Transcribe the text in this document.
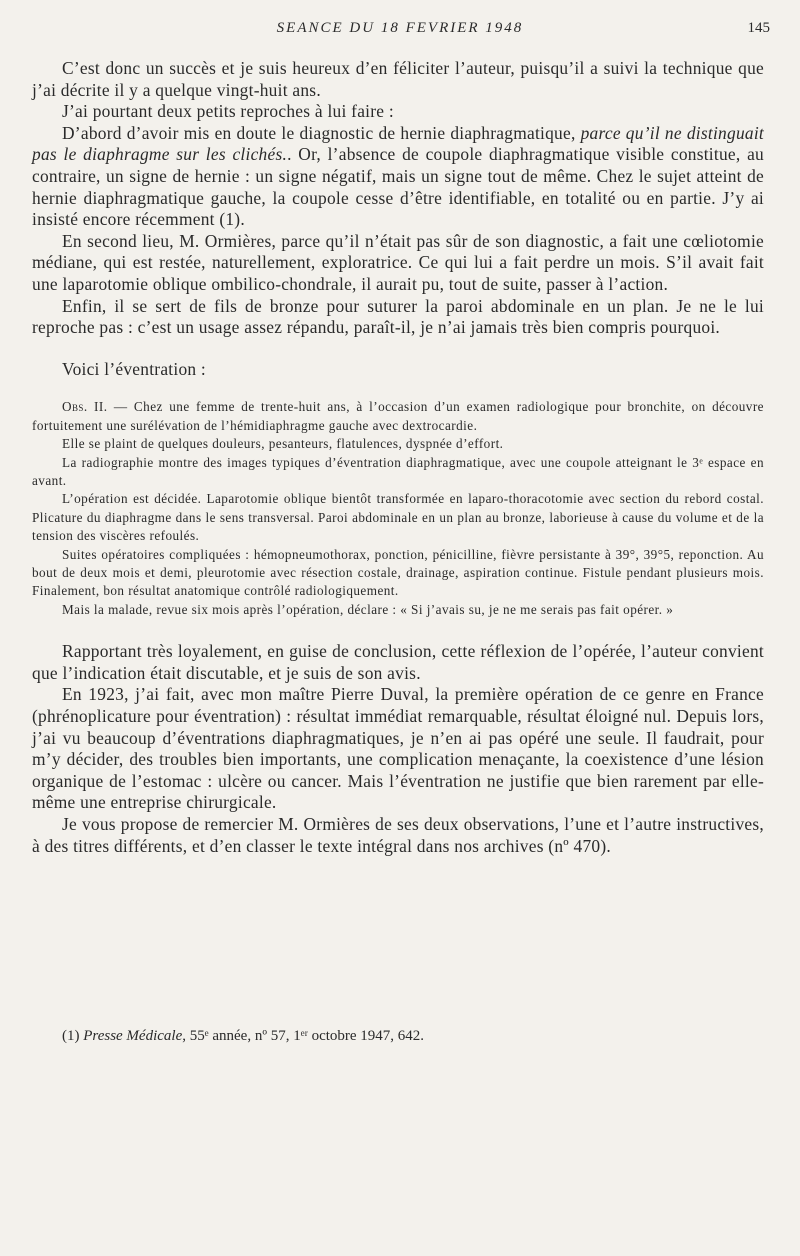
SEANCE DU 18 FEVRIER 1948	145

C’est donc un succès et je suis heureux d’en féliciter l’auteur, puisqu’il a suivi la technique que j’ai décrite il y a quelque vingt-huit ans.

J’ai pourtant deux petits reproches à lui faire :

D’abord d’avoir mis en doute le diagnostic de hernie diaphragmatique, parce qu’il ne distinguait pas le diaphragme sur les clichés.. Or, l’absence de coupole diaphragmatique visible constitue, au contraire, un signe de hernie : un signe négatif, mais un signe tout de même. Chez le sujet atteint de hernie diaphragmatique gauche, la coupole cesse d’être identifiable, en totalité ou en partie. J’y ai insisté encore récemment (1).

En second lieu, M. Ormières, parce qu’il n’était pas sûr de son diagnostic, a fait une cœliotomie médiane, qui est restée, naturellement, exploratrice. Ce qui lui a fait perdre un mois. S’il avait fait une laparotomie oblique ombilico-chondrale, il aurait pu, tout de suite, passer à l’action.

Enfin, il se sert de fils de bronze pour suturer la paroi abdominale en un plan. Je ne le lui reproche pas : c’est un usage assez répandu, paraît-il, je n’ai jamais très bien compris pourquoi.

Voici l’éventration :

Obs. II. — Chez une femme de trente-huit ans, à l’occasion d’un examen radiologique pour bronchite, on découvre fortuitement une surélévation de l’hémidiaphragme gauche avec dextrocardie.

Elle se plaint de quelques douleurs, pesanteurs, flatulences, dyspnée d’effort.

La radiographie montre des images typiques d’éventration diaphragmatique, avec une coupole atteignant le 3ᵉ espace en avant.

L’opération est décidée. Laparotomie oblique bientôt transformée en laparo-thoracotomie avec section du rebord costal. Plicature du diaphragme dans le sens transversal. Paroi abdominale en un plan au bronze, laborieuse à cause du volume et de la tension des viscères refoulés.

Suites opératoires compliquées : hémopneumothorax, ponction, pénicilline, fièvre persistante à 39°, 39°5, reponction. Au bout de deux mois et demi, pleurotomie avec résection costale, drainage, aspiration continue. Fistule pendant plusieurs mois. Finalement, bon résultat anatomique contrôlé radiologiquement.

Mais la malade, revue six mois après l’opération, déclare : « Si j’avais su, je ne me serais pas fait opérer. »

Rapportant très loyalement, en guise de conclusion, cette réflexion de l’opérée, l’auteur convient que l’indication était discutable, et je suis de son avis.

En 1923, j’ai fait, avec mon maître Pierre Duval, la première opération de ce genre en France (phrénoplicature pour éventration) : résultat immédiat remarquable, résultat éloigné nul. Depuis lors, j’ai vu beaucoup d’éventrations diaphragmatiques, je n’en ai pas opéré une seule. Il faudrait, pour m’y décider, des troubles bien importants, une complication menaçante, la coexistence d’une lésion organique de l’estomac : ulcère ou cancer. Mais l’éventration ne justifie que bien rarement par elle-même une entreprise chirurgicale.

Je vous propose de remercier M. Ormières de ses deux observations, l’une et l’autre instructives, à des titres différents, et d’en classer le texte intégral dans nos archives (nº 470).

(1) Presse Médicale, 55ᵉ année, nº 57, 1ᵉʳ octobre 1947, 642.
